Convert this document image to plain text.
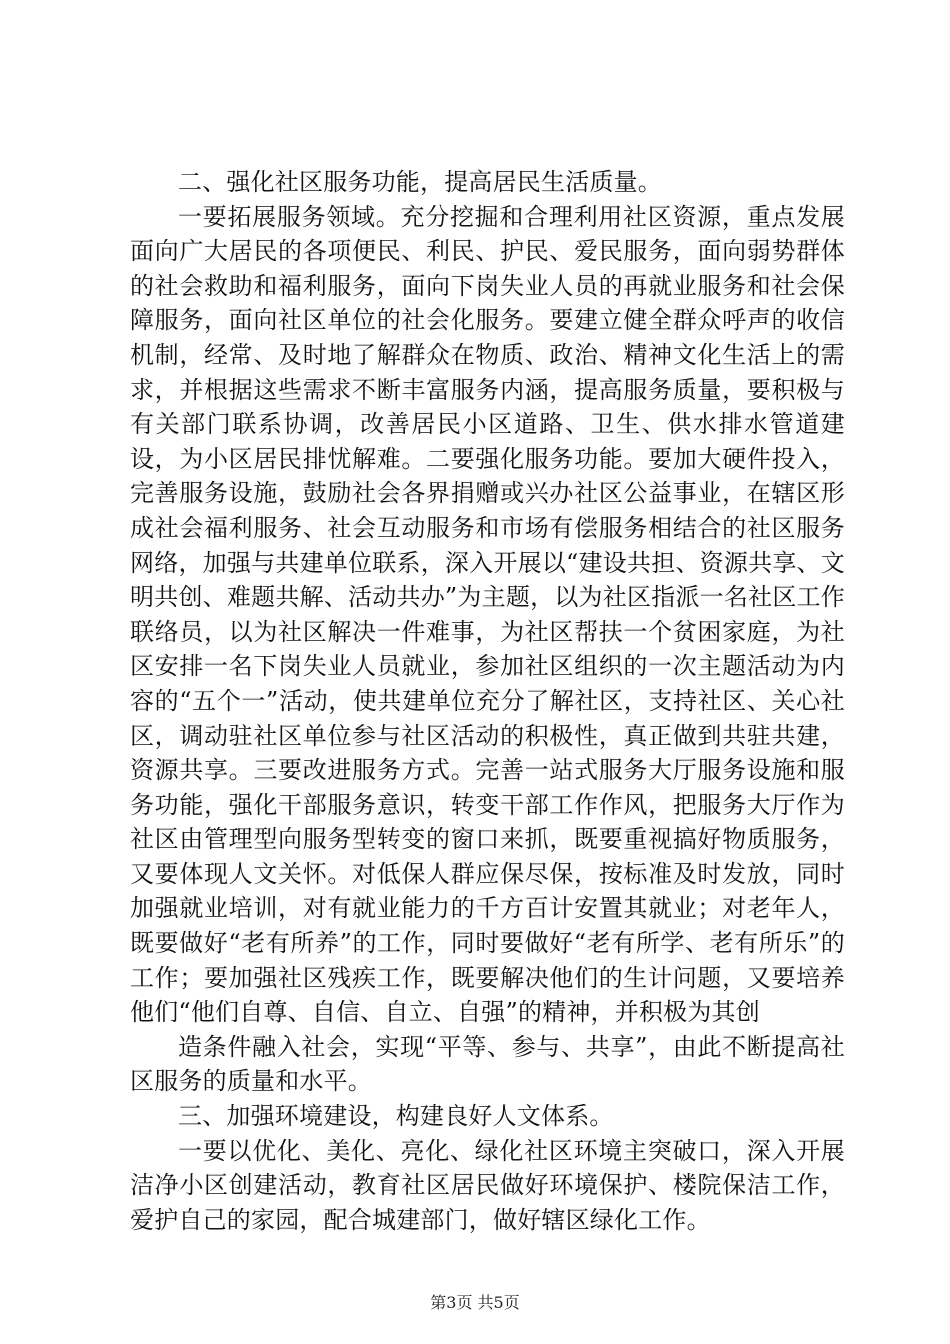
二、强化社区服务功能，提高居民生活质量。

一要拓展服务领域。充分挖掘和合理利用社区资源，重点发展面向广大居民的各项便民、利民、护民、爱民服务，面向弱势群体的社会救助和福利服务，面向下岗失业人员的再就业服务和社会保障服务，面向社区单位的社会化服务。要建立健全群众呼声的收信机制，经常、及时地了解群众在物质、政治、精神文化生活上的需求，并根据这些需求不断丰富服务内涵，提高服务质量，要积极与有关部门联系协调，改善居民小区道路、卫生、供水排水管道建设，为小区居民排忧解难。二要强化服务功能。要加大硬件投入，完善服务设施，鼓励社会各界捐赠或兴办社区公益事业，在辖区形成社会福利服务、社会互动服务和市场有偿服务相结合的社区服务网络，加强与共建单位联系，深入开展以“建设共担、资源共享、文明共创、难题共解、活动共办”为主题，以为社区指派一名社区工作联络员，以为社区解决一件难事，为社区帮扶一个贫困家庭，为社区安排一名下岗失业人员就业，参加社区组织的一次主题活动为内容的“五个一”活动，使共建单位充分了解社区，支持社区、关心社区，调动驻社区单位参与社区活动的积极性，真正做到共驻共建，资源共享。三要改进服务方式。完善一站式服务大厅服务设施和服务功能，强化干部服务意识，转变干部工作作风，把服务大厅作为社区由管理型向服务型转变的窗口来抓，既要重视搞好物质服务，又要体现人文关怀。对低保人群应保尽保，按标准及时发放，同时加强就业培训，对有就业能力的千方百计安置其就业；对老年人，既要做好“老有所养”的工作，同时要做好“老有所学、老有所乐”的工作；要加强社区残疾工作，既要解决他们的生计问题，又要培养他们“他们自尊、自信、自立、自强”的精神，并积极为其创

造条件融入社会，实现“平等、参与、共享”，由此不断提高社区服务的质量和水平。

三、加强环境建设，构建良好人文体系。

一要以优化、美化、亮化、绿化社区环境主突破口，深入开展洁净小区创建活动，教育社区居民做好环境保护、楼院保洁工作，爱护自己的家园，配合城建部门，做好辖区绿化工作。

第3页 共5页
